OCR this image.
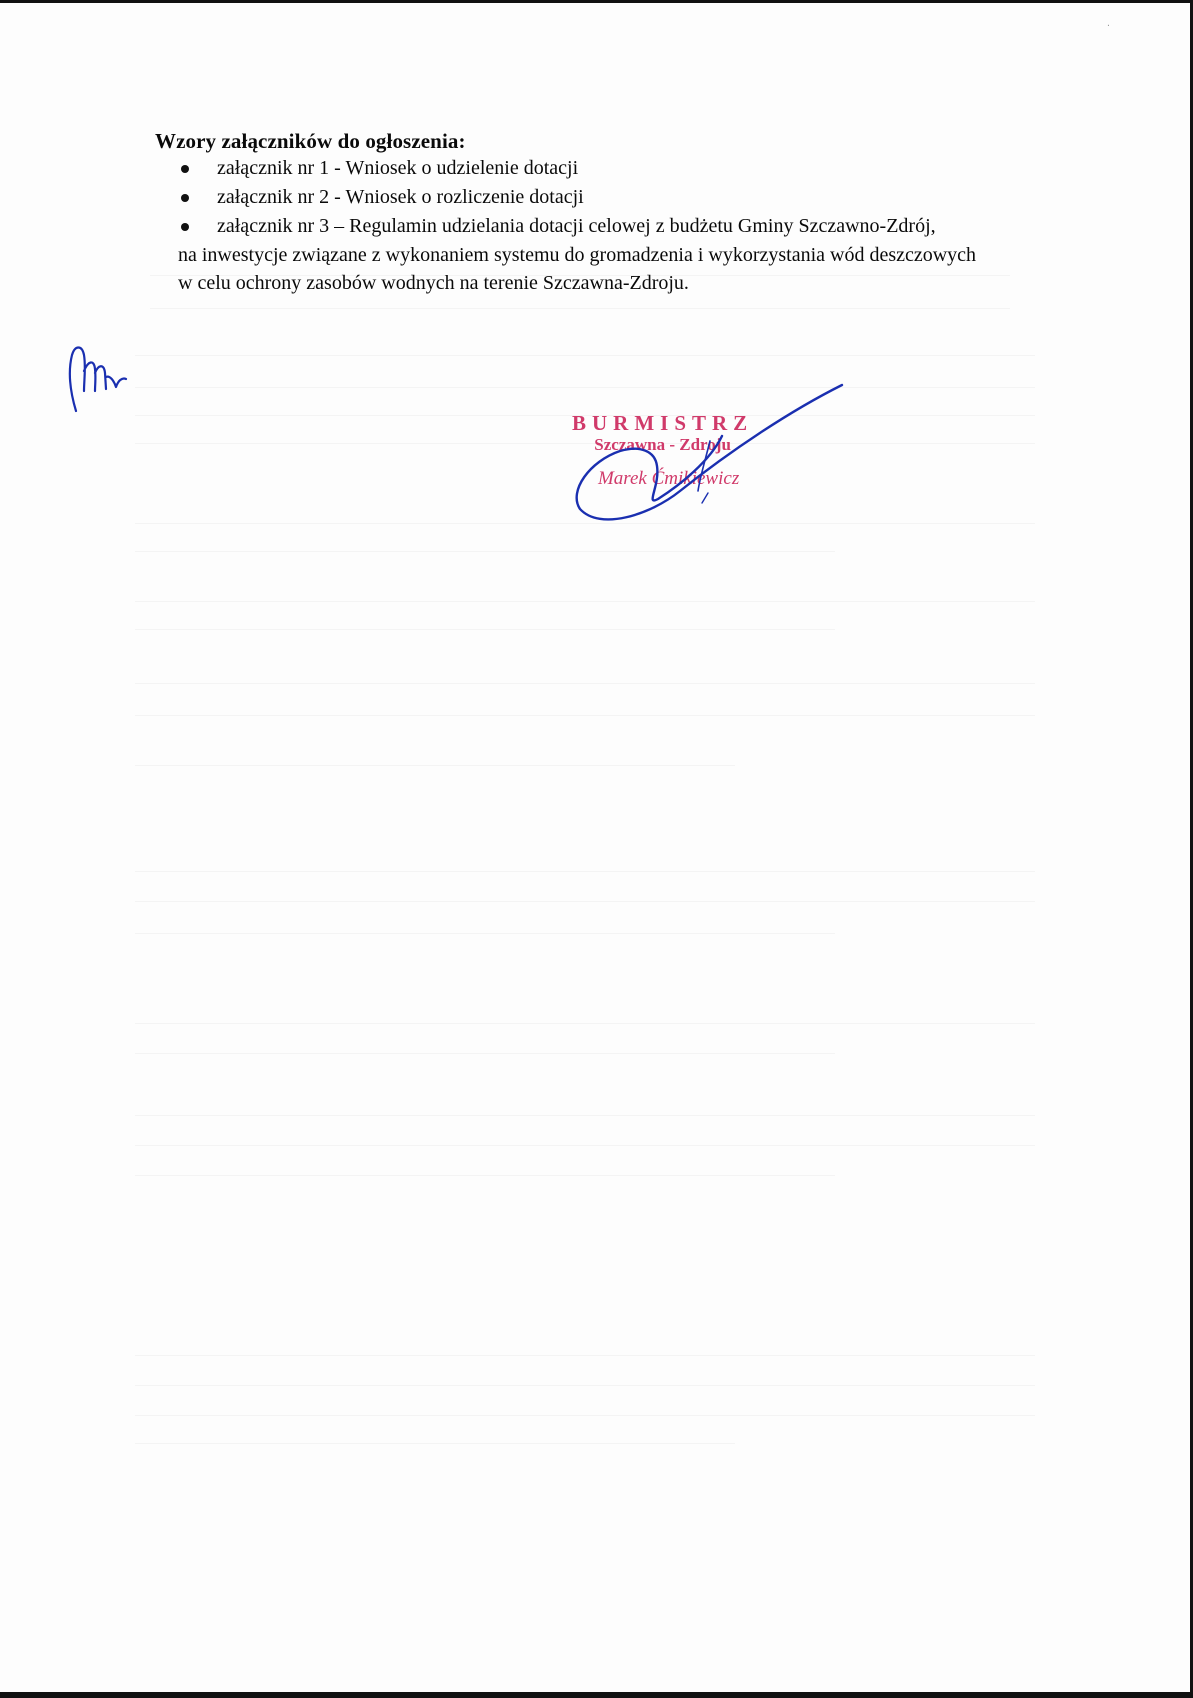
·
Wzory załączników do ogłoszenia:
załącznik nr 1 - Wniosek o udzielenie dotacji
załącznik nr 2 - Wniosek o rozliczenie dotacji
załącznik nr 3 – Regulamin udzielania dotacji celowej z budżetu Gminy Szczawno-Zdrój,
na inwestycje związane z wykonaniem systemu do gromadzenia i wykorzystania wód deszczowych
w celu ochrony zasobów wodnych na terenie Szczawna-Zdroju.
BURMISTRZ
Szczawna - Zdroju
Marek Ćmikiewicz
